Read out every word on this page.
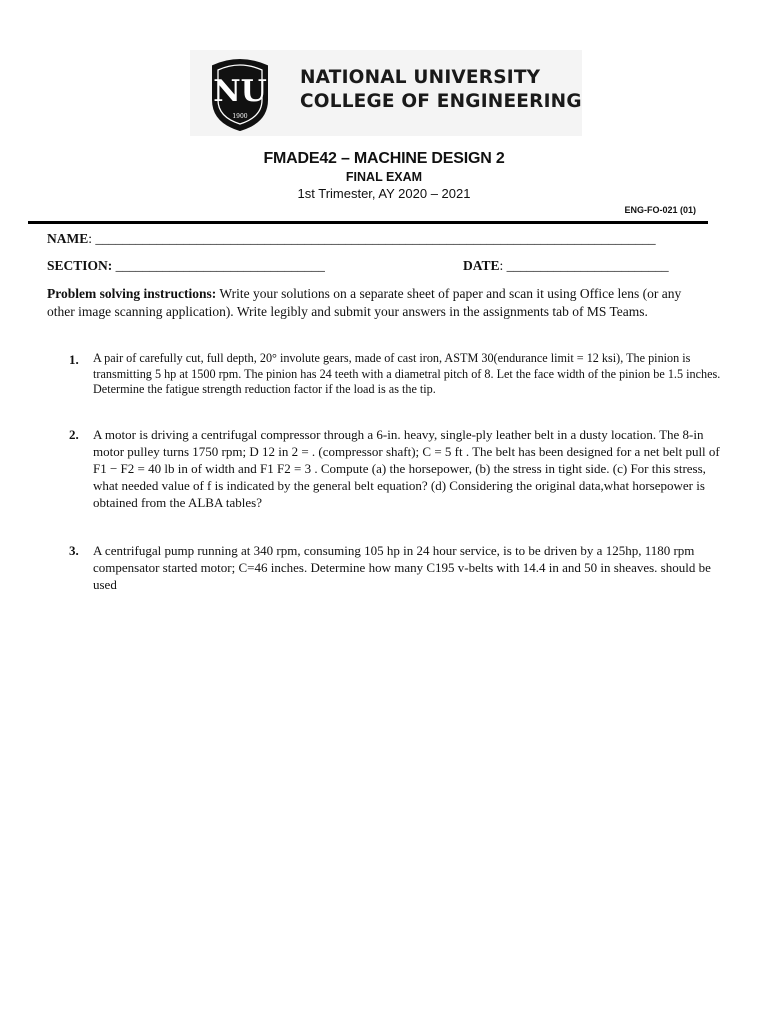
NU
1900
NATIONAL UNIVERSITY
COLLEGE OF ENGINEERING
FMADE42 – MACHINE DESIGN 2
FINAL EXAM
1st Trimester, AY 2020 – 2021
ENG-FO-021 (01)
NAME: ___________________________________________________________________________________
SECTION: _______________________________	DATE: ________________________
Problem solving instructions: Write your solutions on a separate sheet of paper and scan it using Office lens (or any other image scanning application). Write legibly and submit your answers in the assignments tab of MS Teams.
1.	A pair of carefully cut, full depth, 20° involute gears, made of cast iron, ASTM 30(endurance limit = 12 ksi), The pinion is transmitting 5 hp at 1500 rpm. The pinion has 24 teeth with a diametral pitch of 8. Let the face width of the pinion be 1.5 inches. Determine the fatigue strength reduction factor if the load is as the tip.
2.	A motor is driving a centrifugal compressor through a 6-in. heavy, single-ply leather belt in a dusty location. The 8-in motor pulley turns 1750 rpm; D 12 in 2 = . (compressor shaft); C = 5 ft . The belt has been designed for a net belt pull of F1 − F2 = 40 lb in of width and F1 F2 = 3 . Compute (a) the horsepower, (b) the stress in tight side. (c) For this stress, what needed value of f is indicated by the general belt equation? (d) Considering the original data,what horsepower is obtained from the ALBA tables?
3.	A centrifugal pump running at 340 rpm, consuming 105 hp in 24 hour service, is to be driven by a 125hp, 1180 rpm compensator started motor; C=46 inches. Determine how many C195 v-belts with 14.4 in and 50 in sheaves. should be used
